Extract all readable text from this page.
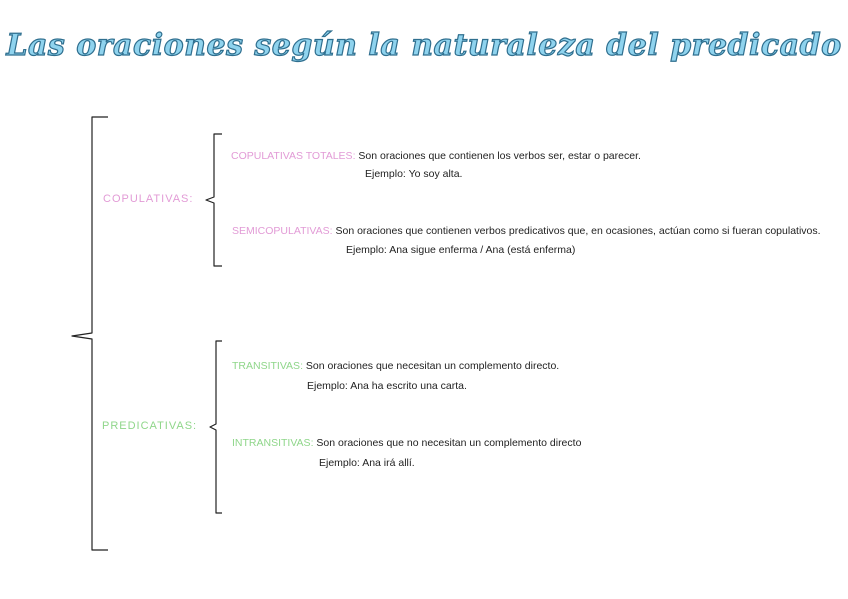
Las oraciones según la naturaleza del predicado
COPULATIVAS:
COPULATIVAS TOTALES: Son oraciones que contienen los verbos ser, estar o parecer.
Ejemplo: Yo soy alta.
SEMICOPULATIVAS: Son oraciones que contienen verbos predicativos que, en ocasiones, actúan como si fueran copulativos.
Ejemplo: Ana sigue enferma / Ana (está enferma)
PREDICATIVAS:
TRANSITIVAS: Son oraciones que necesitan un complemento directo.
Ejemplo: Ana ha escrito una carta.
INTRANSITIVAS: Son oraciones que no necesitan un complemento directo
Ejemplo: Ana irá allí.
